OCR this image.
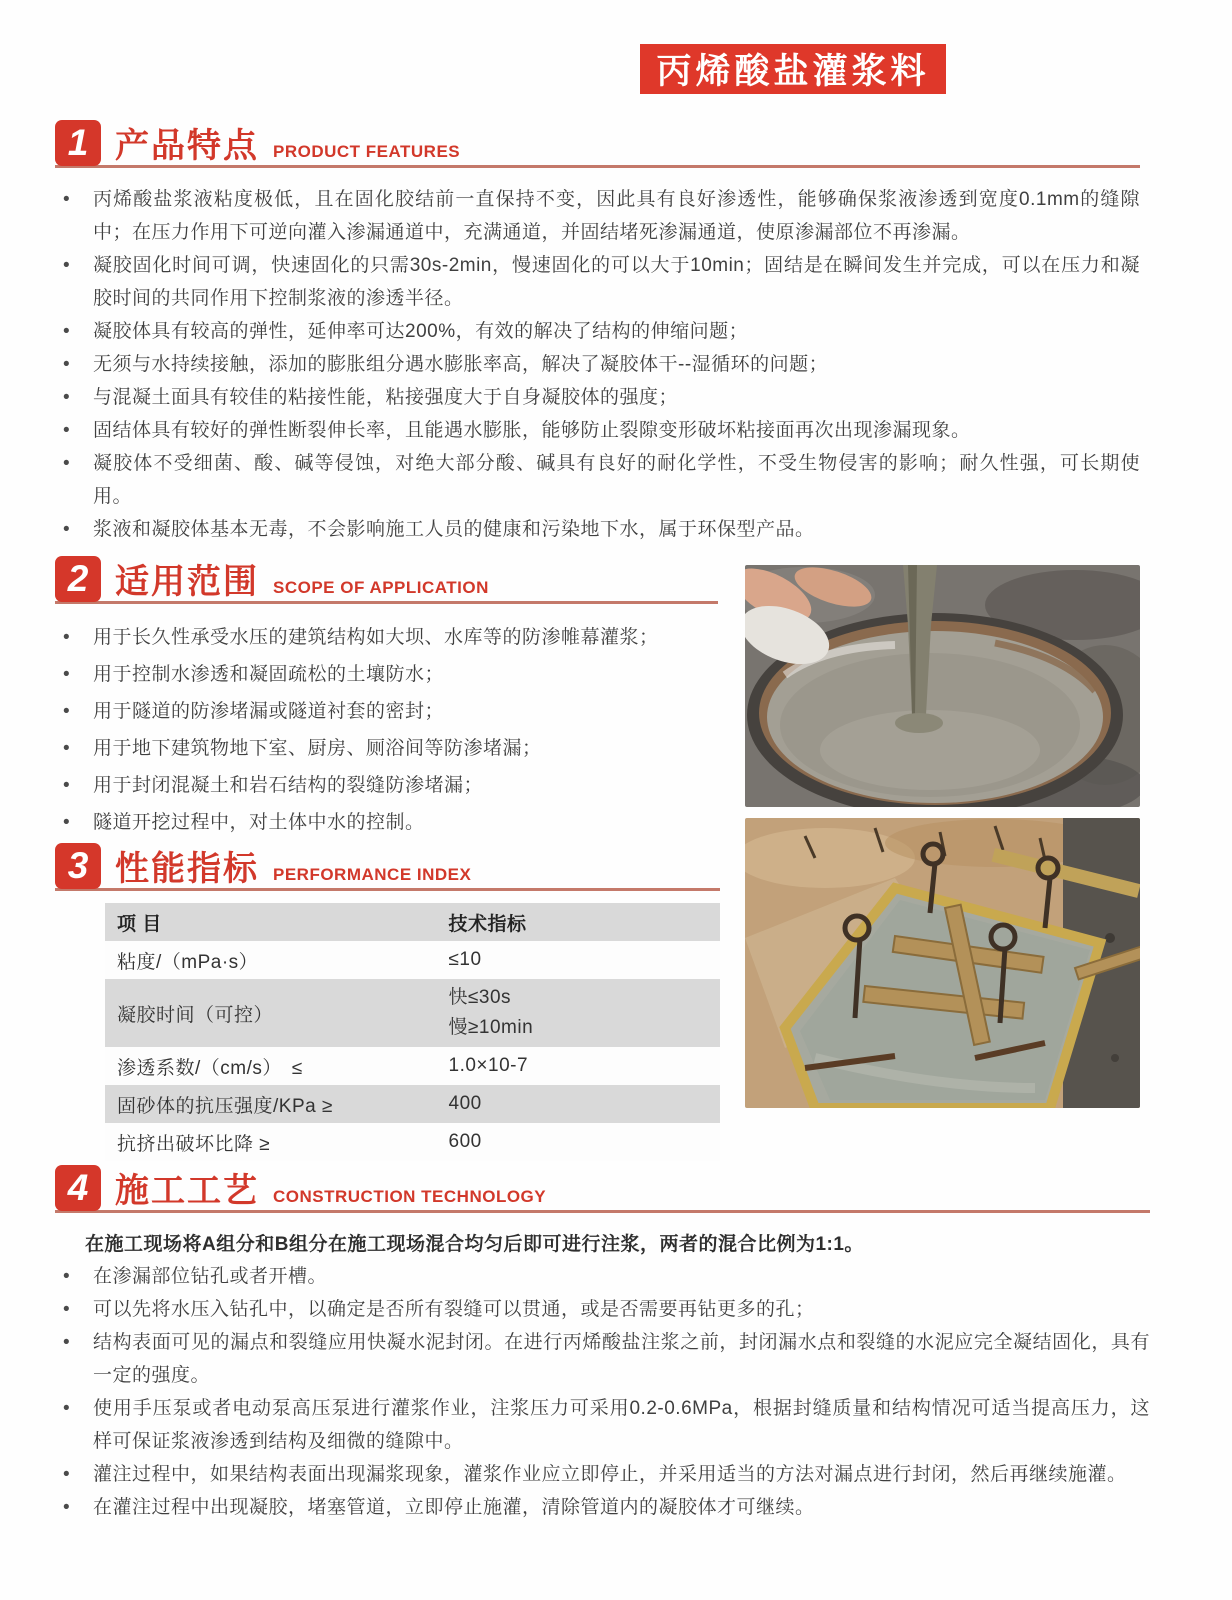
丙烯酸盐灌浆料
1 产品特点 PRODUCT FEATURES
•	丙烯酸盐浆液粘度极低，且在固化胶结前一直保持不变，因此具有良好渗透性，能够确保浆液渗透到宽度0.1mm的缝隙中；在压力作用下可逆向灌入渗漏通道中，充满通道，并固结堵死渗漏通道，使原渗漏部位不再渗漏。
•	凝胶固化时间可调，快速固化的只需30s-2min，慢速固化的可以大于10min；固结是在瞬间发生并完成，可以在压力和凝胶时间的共同作用下控制浆液的渗透半径。
•	凝胶体具有较高的弹性，延伸率可达200%，有效的解决了结构的伸缩问题；
•	无须与水持续接触，添加的膨胀组分遇水膨胀率高，解决了凝胶体干--湿循环的问题；
•	与混凝土面具有较佳的粘接性能，粘接强度大于自身凝胶体的强度；
•	固结体具有较好的弹性断裂伸长率，且能遇水膨胀，能够防止裂隙变形破坏粘接面再次出现渗漏现象。
•	凝胶体不受细菌、酸、碱等侵蚀，对绝大部分酸、碱具有良好的耐化学性，不受生物侵害的影响；耐久性强，可长期使用。
•	浆液和凝胶体基本无毒，不会影响施工人员的健康和污染地下水，属于环保型产品。
2 适用范围 SCOPE OF APPLICATION
•	用于长久性承受水压的建筑结构如大坝、水库等的防渗帷幕灌浆；
•	用于控制水渗透和凝固疏松的土壤防水；
•	用于隧道的防渗堵漏或隧道衬套的密封；
•	用于地下建筑物地下室、厨房、厕浴间等防渗堵漏；
•	用于封闭混凝土和岩石结构的裂缝防渗堵漏；
•	隧道开挖过程中，对土体中水的控制。
3 性能指标 PERFORMANCE INDEX
项 目	技术指标
粘度/（mPa·s）	≤10
凝胶时间（可控）	快≤30s
慢≥10min

渗透系数/（cm/s）　≤	1.0×10-7
固砂体的抗压强度/KPa ≥	400
抗挤出破坏比降 ≥	600
4 施工工艺 CONSTRUCTION TECHNOLOGY
在施工现场将A组分和B组分在施工现场混合均匀后即可进行注浆，两者的混合比例为1:1。
•	在渗漏部位钻孔或者开槽。
•	可以先将水压入钻孔中，以确定是否所有裂缝可以贯通，或是否需要再钻更多的孔；
•	结构表面可见的漏点和裂缝应用快凝水泥封闭。在进行丙烯酸盐注浆之前，封闭漏水点和裂缝的水泥应完全凝结固化，具有一定的强度。
•	使用手压泵或者电动泵高压泵进行灌浆作业，注浆压力可采用0.2-0.6MPa，根据封缝质量和结构情况可适当提高压力，这样可保证浆液渗透到结构及细微的缝隙中。
•	灌注过程中，如果结构表面出现漏浆现象，灌浆作业应立即停止，并采用适当的方法对漏点进行封闭，然后再继续施灌。
•	在灌注过程中出现凝胶，堵塞管道，立即停止施灌，清除管道内的凝胶体才可继续。
